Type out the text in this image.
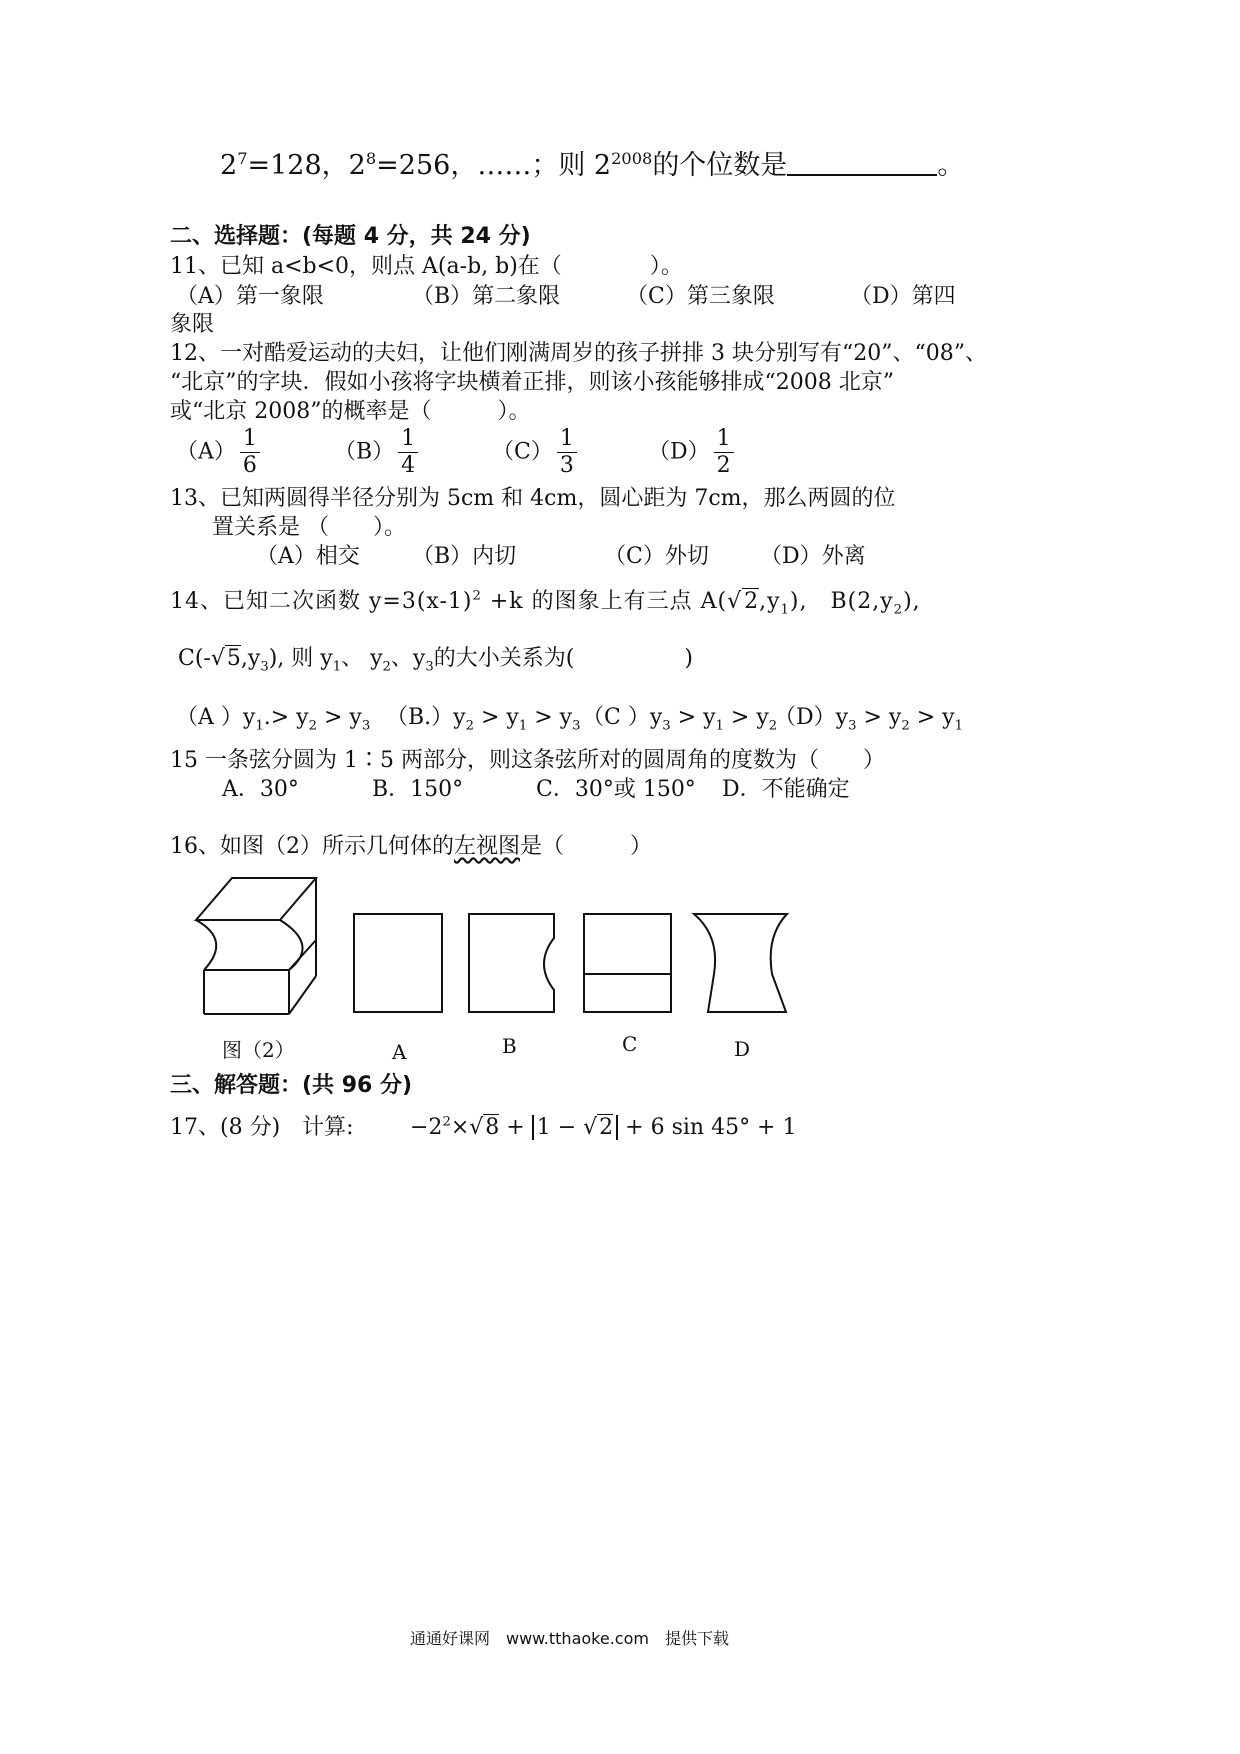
$2^7=128$，$2^8=256$，……；则 $2^{2008}$的个位数是	。
二、选择题：(每题 4 分，共 24 分)
11、已知 a<b<0，则点 A(a-b, b)在（　　　　）。
（A）第一象限	（B）第二象限	（C）第三象限	（D）第四
象限
12、一对酷爱运动的夫妇，让他们刚满周岁的孩子拼排 3 块分别写有“20”、“08”、
“北京”的字块．假如小孩将字块横着正排，则该小孩能够排成“2008 北京”
或“北京 2008”的概率是（　　　）。
$(A) \frac{1}{6}$	$(B) \frac{1}{4}$	$(C) \frac{1}{3}$	$(D) \frac{1}{2}$
13、已知两圆得半径分别为 5cm 和 4cm，圆心距为 7cm，那么两圆的位
置关系是 （　　）。
（A）相交 （B）内切	（C）外切 （D）外离
14、已知二次函数 $y=3(x-1)^2 +k$ 的图象上有三点 $A(√2,y_1)$,　$B(2,y_2)$,
$C(-√5,y_3)$, 则 $y_1$、 $y_2$、$y_3$的大小关系为(　　　　　)
（A ）$y_1.> y_2 > y_3$ $(B.)y_2 > y_1 > y_3$ （C ）$y_3 > y_1 > y_2$
$(D)y_3 > y_2 > y_1$
15 一条弦分圆为 1∶5 两部分，则这条弦所对的圆周角的度数为（　　）
A．30°	B．150°	C．30°或 150° D．不能确定
16、如图（2）所示几何体的左视图是（　　　）
图（2）	A	B	C	D
三、解答题：(共 96 分)
17、(8 分)　计算:	$-2^2\times√8 + 1 - √2 + 6$ sin 45° + 1
通通好课网　www.tthaoke.com　提供下载
